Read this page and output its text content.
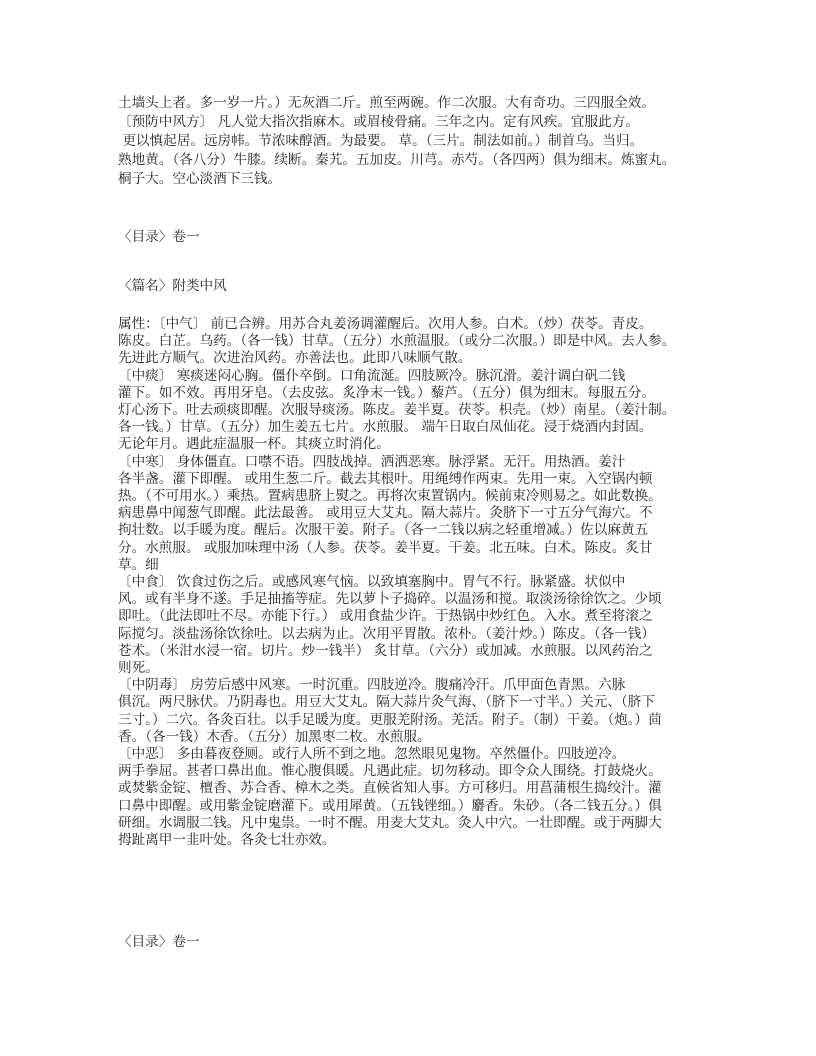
土墙头上者。多一岁一片。）无灰酒二斤。煎至两碗。作二次服。大有奇功。三四服全效。
〔预防中风方〕 凡人觉大指次指麻木。或眉棱骨痛。三年之内。定有风疾。宜服此方。
更以慎起居。远房帏。节浓味醇酒。为最要。 草。（三片。制法如前。）制首乌。当归。
熟地黄。（各八分）牛膝。续断。秦艽。五加皮。川芎。赤芍。（各四两）俱为细末。炼蜜丸。
桐子大。空心淡酒下三钱。
〈目录〉卷一
〈篇名〉附类中风
属性：〔中气〕 前已合辨。用苏合丸姜汤调灌醒后。次用人参。白术。（炒）茯苓。青皮。
陈皮。白芷。乌药。（各一钱）甘草。（五分）水煎温服。（或分二次服。）即是中风。去人参。
先进此方顺气。次进治风药。亦善法也。此即八味顺气散。
〔中痰〕 寒痰迷闷心胸。僵仆卒倒。口角流涎。四肢厥冷。脉沉滑。姜汁调白矾二钱
灌下。如不效。再用牙皂。（去皮弦。炙净末一钱。）藜芦。（五分）俱为细末。每服五分。
灯心汤下。吐去顽痰即醒。次服导痰汤。陈皮。姜半夏。茯苓。枳壳。（炒）南星。（姜汁制。
各一钱。）甘草。（五分）加生姜五七片。水煎服。 端午日取白凤仙花。浸于烧酒内封固。
无论年月。遇此症温服一杯。其痰立时消化。
〔中寒〕 身体僵直。口噤不语。四肢战掉。洒洒恶寒。脉浮紧。无汗。用热酒。姜汁
各半盏。灌下即醒。 或用生葱二斤。截去其根叶。用绳缚作两束。先用一束。入空锅内顿
热。（不可用水。）乘热。置病患脐上熨之。再将次束置锅内。候前束冷则易之。如此数换。
病患鼻中闻葱气即醒。此法最善。 或用豆大艾丸。隔大蒜片。灸脐下一寸五分气海穴。不
拘壮数。以手暖为度。醒后。次服干姜。附子。（各一二钱以病之轻重增减。）佐以麻黄五
分。水煎服。 或服加味理中汤（人参。茯苓。姜半夏。干姜。北五味。白术。陈皮。炙甘
草。细
〔中食〕 饮食过伤之后。或感风寒气恼。以致填塞胸中。胃气不行。脉紧盛。状似中
风。或有半身不遂。手足抽搐等症。先以萝卜子捣碎。以温汤和搅。取淡汤徐徐饮之。少顷
即吐。（此法即吐不尽。亦能下行。） 或用食盐少许。于热锅中炒红色。入水。煮至将滚之
际搅匀。淡盐汤徐饮徐吐。以去病为止。次用平胃散。浓朴。（姜汁炒。）陈皮。（各一钱）
苍术。（米泔水浸一宿。切片。炒一钱半） 炙甘草。（六分）或加减。水煎服。以风药治之
则死。
〔中阴毒〕 房劳后感中风寒。一时沉重。四肢逆冷。腹痛冷汗。爪甲面色青黑。六脉
俱沉。两尺脉伏。乃阴毒也。用豆大艾丸。隔大蒜片灸气海、（脐下一寸半。）关元、（脐下
三寸。）二穴。各灸百壮。以手足暖为度。更服羌附汤。羌活。附子。（制）干姜。（炮。）茴
香。（各一钱）木香。（五分）加黑枣二枚。水煎服。
〔中恶〕 多由暮夜登厕。或行人所不到之地。忽然眼见鬼物。卒然僵仆。四肢逆冷。
两手拳屈。甚者口鼻出血。惟心腹俱暖。凡遇此症。切勿移动。即令众人围绕。打鼓烧火。
或焚紫金锭、檀香、苏合香、樟木之类。直候省知人事。方可移归。用菖蒲根生捣绞汁。灌
口鼻中即醒。或用紫金锭磨灌下。或用犀黄。（五钱锉细。）麝香。朱砂。（各二钱五分。）俱
研细。水调服二钱。凡中鬼祟。一时不醒。用麦大艾丸。灸人中穴。一壮即醒。或于两脚大
拇趾离甲一韭叶处。各灸七壮亦效。
〈目录〉卷一
